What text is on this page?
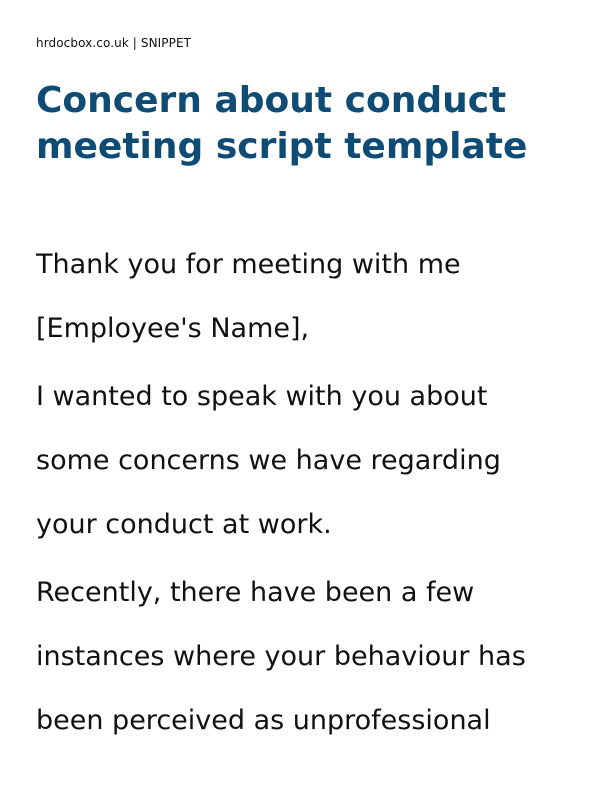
hrdocbox.co.uk | SNIPPET
Concern about conduct
meeting script template

Thank you for meeting with me
[Employee's Name],

I wanted to speak with you about
some concerns we have regarding
your conduct at work.

Recently, there have been a few
instances where your behaviour has
been perceived as unprofessional
